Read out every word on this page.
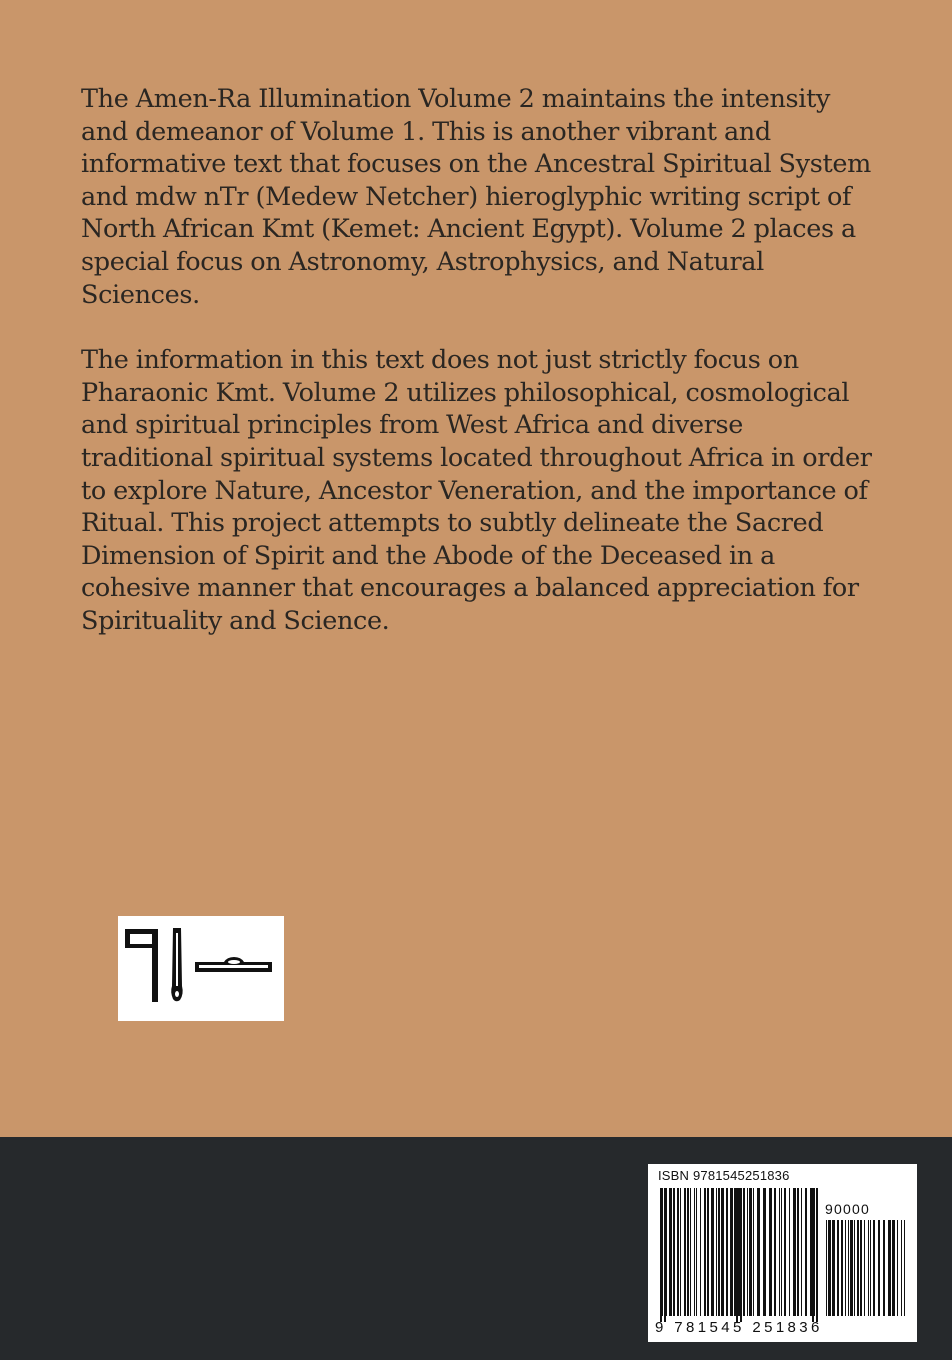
The Amen-Ra Illumination Volume 2 maintains the intensity and demeanor of Volume 1. This is another vibrant and informative text that focuses on the Ancestral Spiritual System and mdw nTr (Medew Netcher) hieroglyphic writing script of North African Kmt (Kemet: Ancient Egypt). Volume 2 places a special focus on Astronomy, Astrophysics, and Natural Sciences.

The information in this text does not just strictly focus on Pharaonic Kmt. Volume 2 utilizes philosophical, cosmological and spiritual principles from West Africa and diverse traditional spiritual systems located throughout Africa in order to explore Nature, Ancestor Veneration, and the importance of Ritual. This project attempts to subtly delineate the Sacred Dimension of Spirit and the Abode of the Deceased in a cohesive manner that encourages a balanced appreciation for Spirituality and Science.

ISBN 9781545251836
90000
9 781545 251836
